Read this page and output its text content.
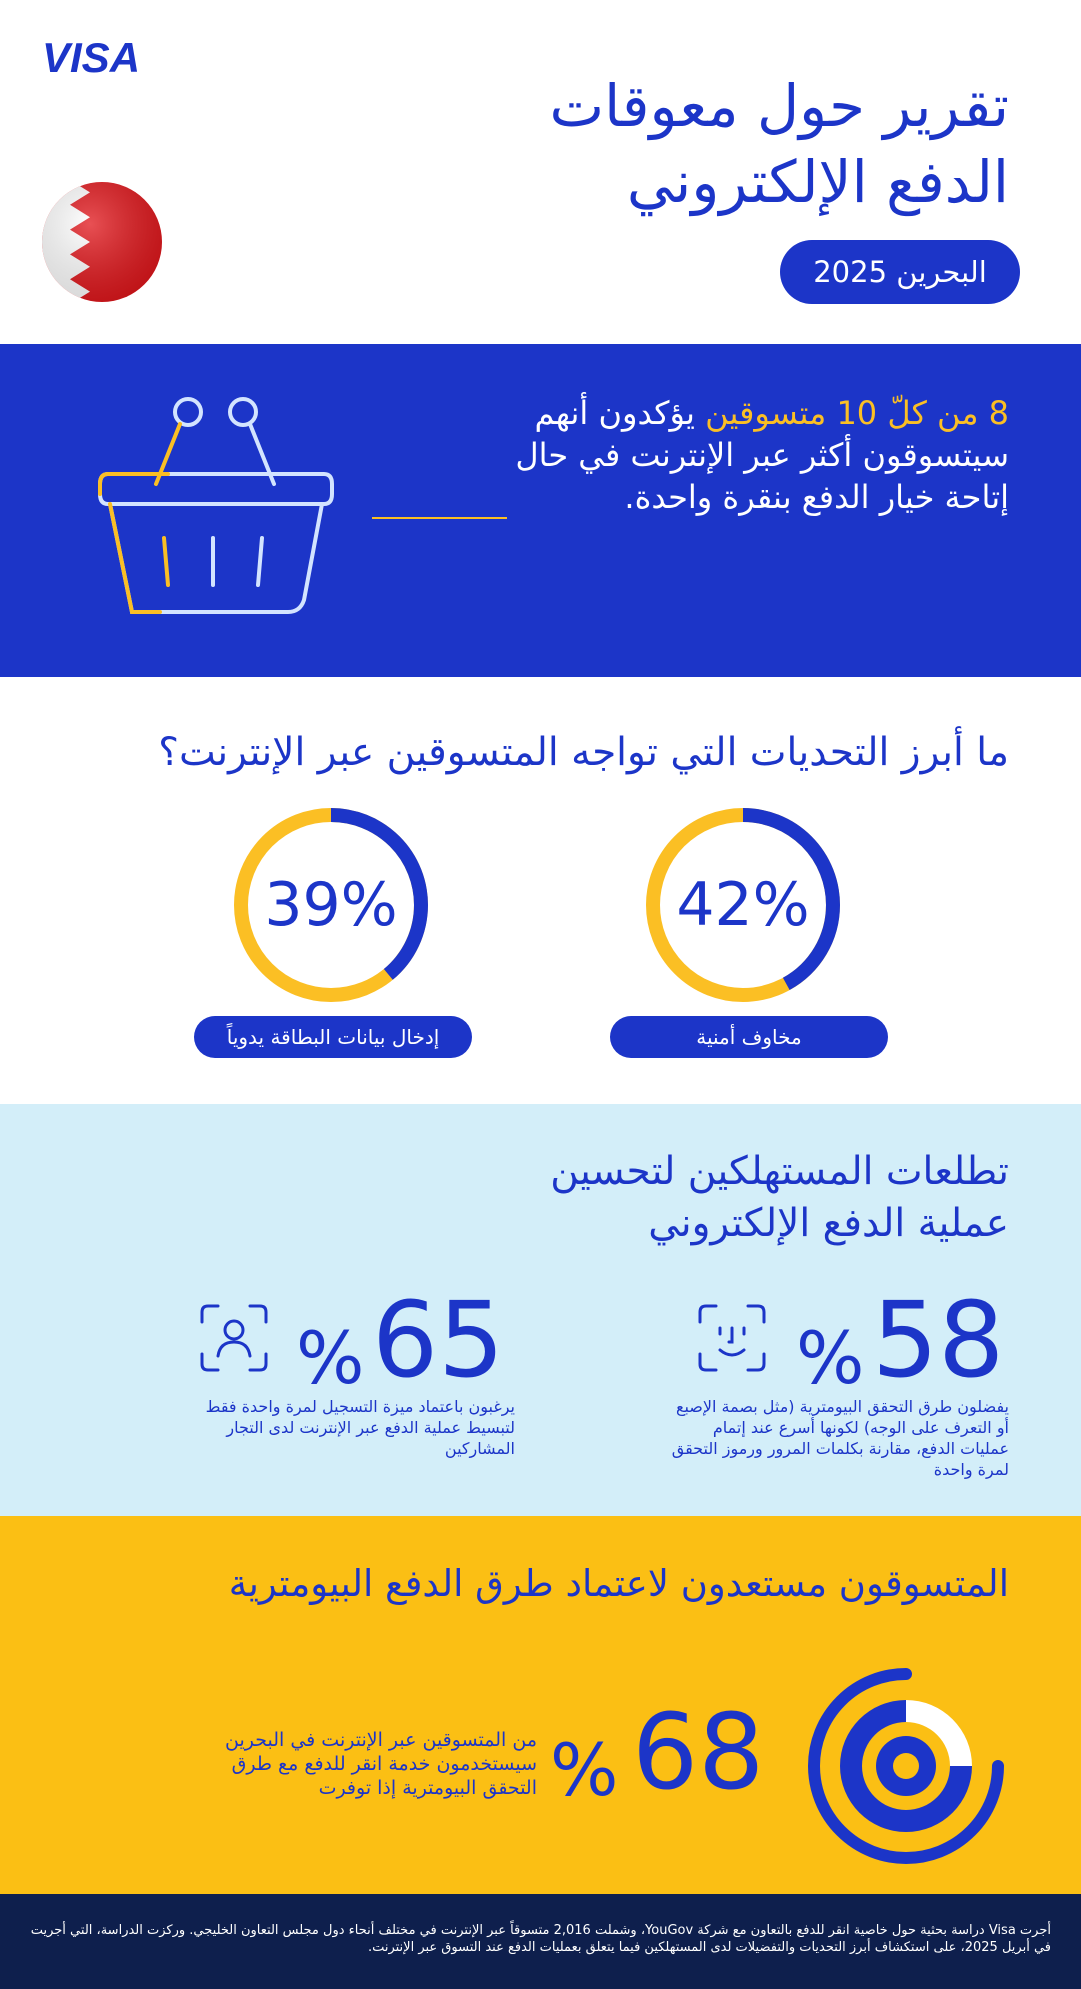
VISA
تقرير حول معوقات
الدفع الإلكتروني
البحرين 2025

8 من كلّ 10 متسوقين يؤكدون أنهم سيتسوقون أكثر عبر الإنترنت في حال إتاحة خيار الدفع بنقرة واحدة.

ما أبرز التحديات التي تواجه المتسوقين عبر الإنترنت؟
42%
مخاوف أمنية
39%
إدخال بيانات البطاقة يدوياً
تطلعات المستهلكين لتحسين
عملية الدفع الإلكتروني
% 58

يفضلون طرق التحقق البيومترية (مثل بصمة الإصبع أو التعرف على الوجه) لكونها أسرع عند إتمام عمليات الدفع، مقارنة بكلمات المرور ورموز التحقق لمرة واحدة

% 65

يرغبون باعتماد ميزة التسجيل لمرة واحدة فقط لتبسيط عملية الدفع عبر الإنترنت لدى التجار المشاركين

المتسوقون مستعدون لاعتماد طرق الدفع البيومترية
% 68

من المتسوقين عبر الإنترنت في البحرين سيستخدمون خدمة انقر للدفع مع طرق التحقق البيومترية إذا توفرت

أجرت Visa دراسة بحثية حول خاصية انقر للدفع بالتعاون مع شركة YouGov، وشملت 2,016 متسوقاً عبر الإنترنت في مختلف أنحاء دول مجلس التعاون الخليجي. وركزت الدراسة، التي أجريت في أبريل 2025، على استكشاف أبرز التحديات والتفضيلات لدى المستهلكين فيما يتعلق بعمليات الدفع عند التسوق عبر الإنترنت.
